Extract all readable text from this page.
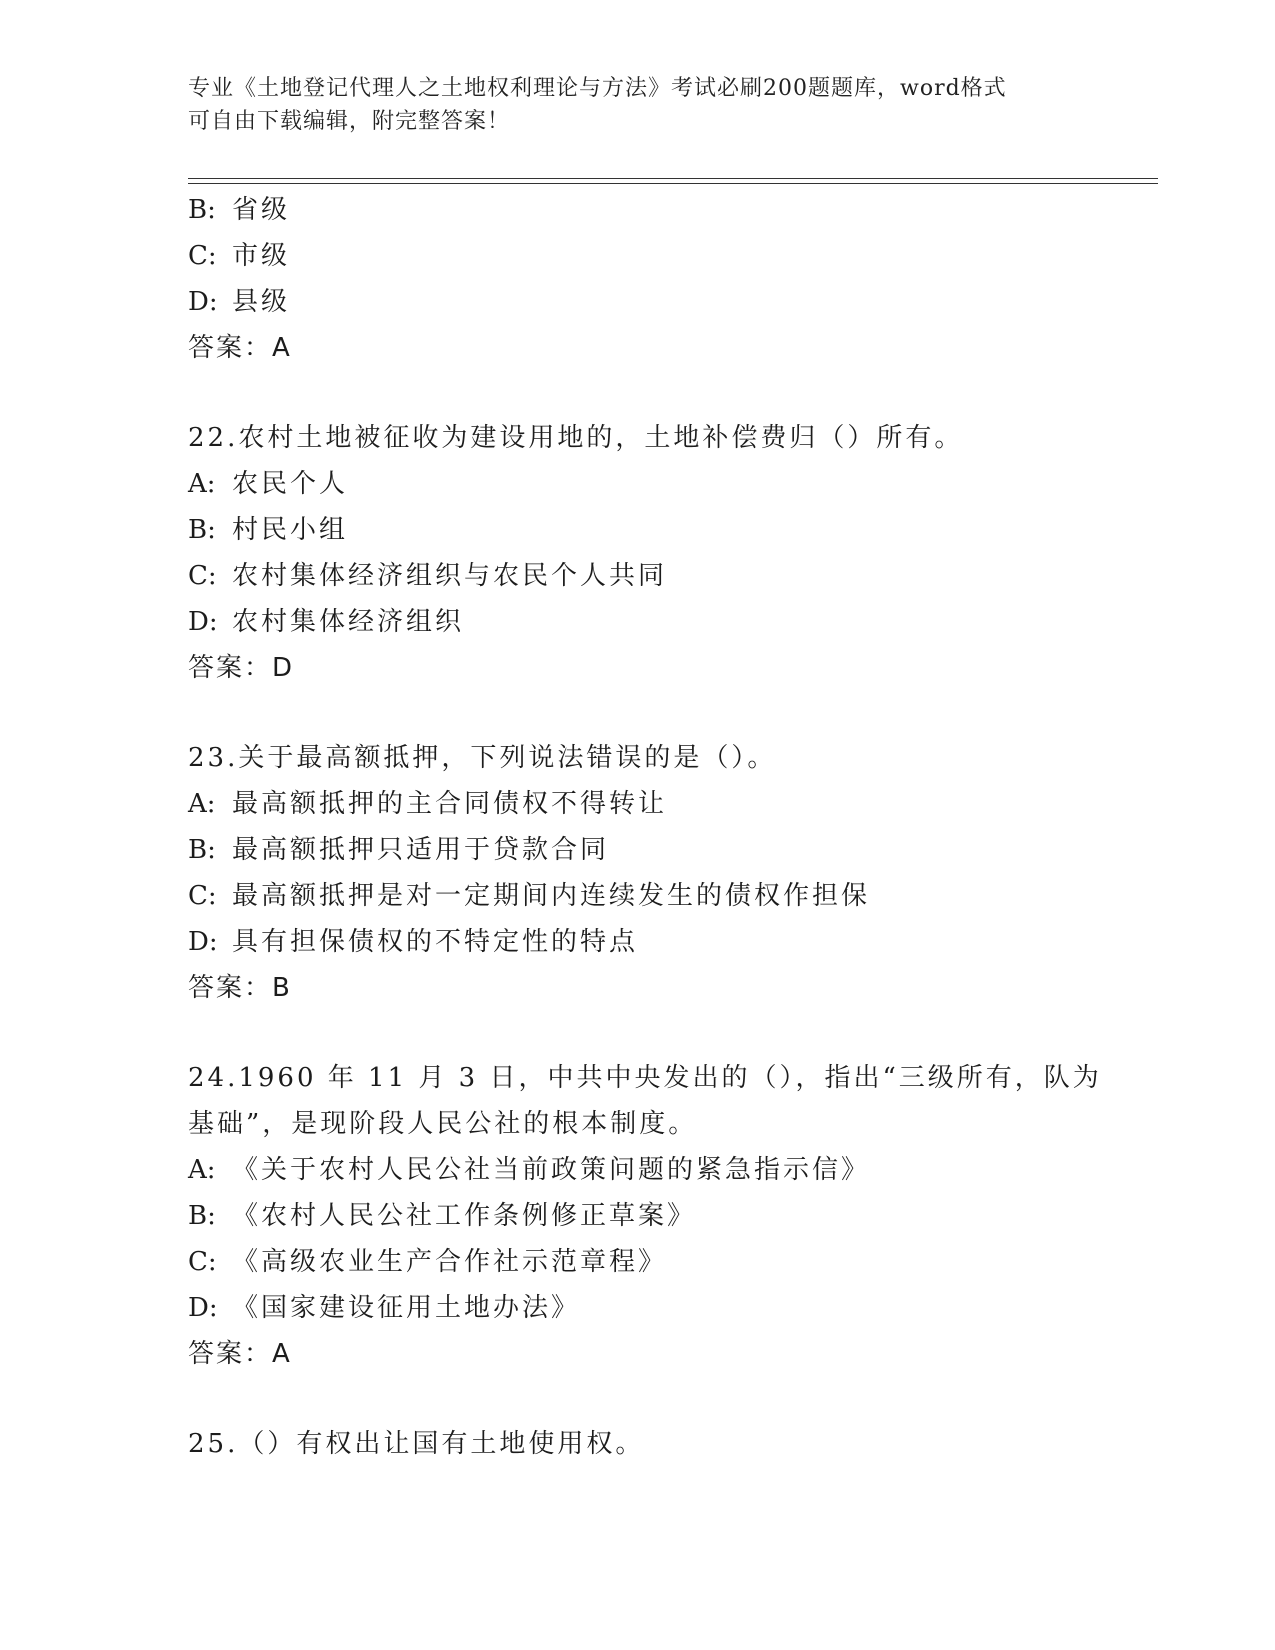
专业《土地登记代理人之土地权利理论与方法》考试必刷200题题库，word格式
可自由下载编辑，附完整答案！
B: 省级
C: 市级
D: 县级
答案：A
22.农村土地被征收为建设用地的，土地补偿费归（）所有。
A: 农民个人
B: 村民小组
C: 农村集体经济组织与农民个人共同
D: 农村集体经济组织
答案：D
23.关于最高额抵押，下列说法错误的是（）。
A: 最高额抵押的主合同债权不得转让
B: 最高额抵押只适用于贷款合同
C: 最高额抵押是对一定期间内连续发生的债权作担保
D: 具有担保债权的不特定性的特点
答案：B
24.1960 年 11 月 3 日，中共中央发出的（），指出“三级所有，队为
基础”，是现阶段人民公社的根本制度。
A: 《关于农村人民公社当前政策问题的紧急指示信》
B: 《农村人民公社工作条例修正草案》
C: 《高级农业生产合作社示范章程》
D: 《国家建设征用土地办法》
答案：A
25.（）有权出让国有土地使用权。
